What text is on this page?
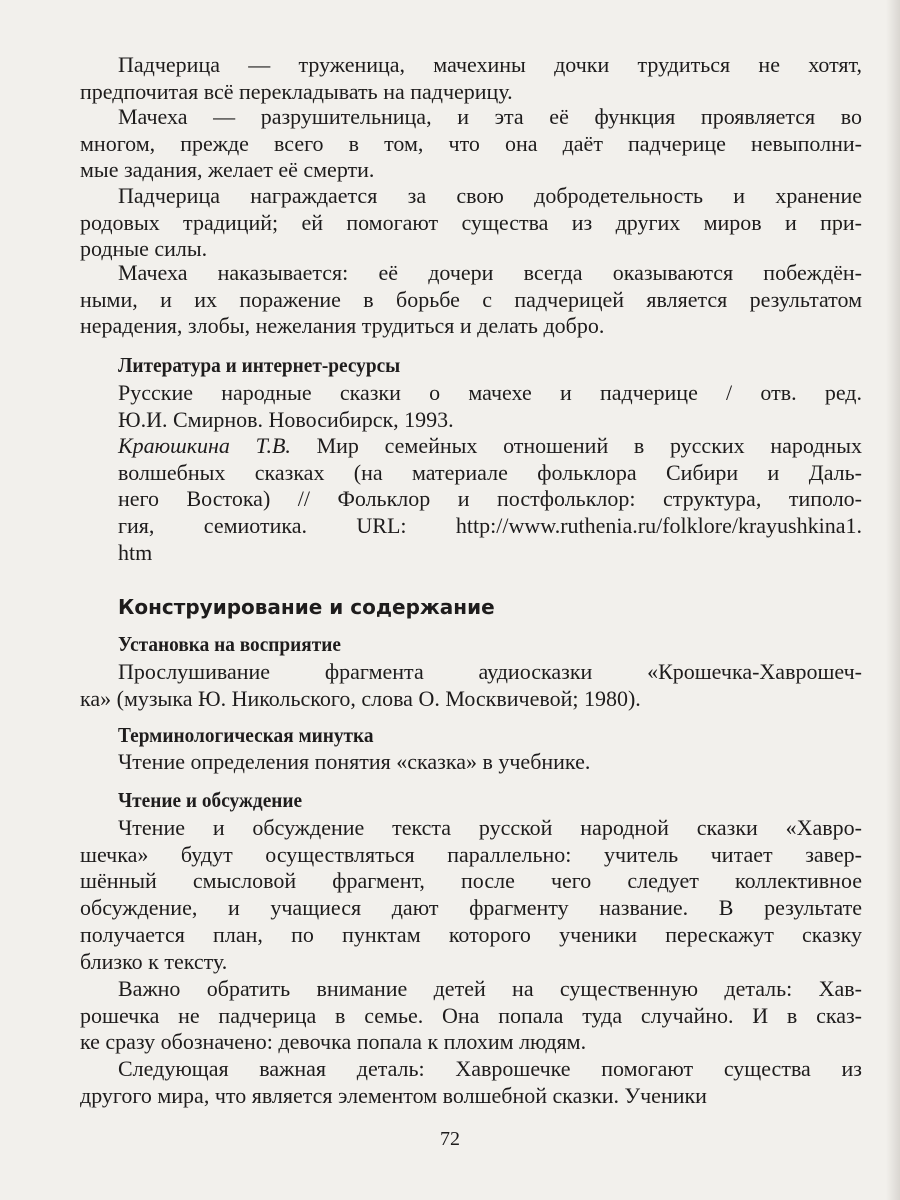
Падчерица — труженица, мачехины дочки трудиться не хотят,
предпочитая всё перекладывать на падчерицу.
Мачеха — разрушительница, и эта её функция проявляется во
многом, прежде всего в том, что она даёт падчерице невыполни-
мые задания, желает её смерти.
Падчерица награждается за свою добродетельность и хранение
родовых традиций; ей помогают существа из других миров и при-
родные силы.
Мачеха наказывается: её дочери всегда оказываются побеждён-
ными, и их поражение в борьбе с падчерицей является результатом
нерадения, злобы, нежелания трудиться и делать добро.
Литература и интернет-ресурсы
Русские народные сказки о мачехе и падчерице / отв. ред.
Ю.И. Смирнов. Новосибирск, 1993.
Краюшкина Т.В. Мир семейных отношений в русских народных
волшебных сказках (на материале фольклора Сибири и Даль-
него Востока) // Фольклор и постфольклор: структура, типоло-
гия, семиотика. URL: http://www.ruthenia.ru/folklore/krayushkina1.
htm
Конструирование и содержание
Установка на восприятие
Прослушивание фрагмента аудиосказки «Крошечка-Хаврошеч-
ка» (музыка Ю. Никольского, слова О. Москвичевой; 1980).
Терминологическая минутка
Чтение определения понятия «сказка» в учебнике.
Чтение и обсуждение
Чтение и обсуждение текста русской народной сказки «Хавро-
шечка» будут осуществляться параллельно: учитель читает завер-
шённый смысловой фрагмент, после чего следует коллективное
обсуждение, и учащиеся дают фрагменту название. В результате
получается план, по пунктам которого ученики перескажут сказку
близко к тексту.
Важно обратить внимание детей на существенную деталь: Хав-
рошечка не падчерица в семье. Она попала туда случайно. И в сказ-
ке сразу обозначено: девочка попала к плохим людям.
Следующая важная деталь: Хаврошечке помогают существа из
другого мира, что является элементом волшебной сказки. Ученики
72
